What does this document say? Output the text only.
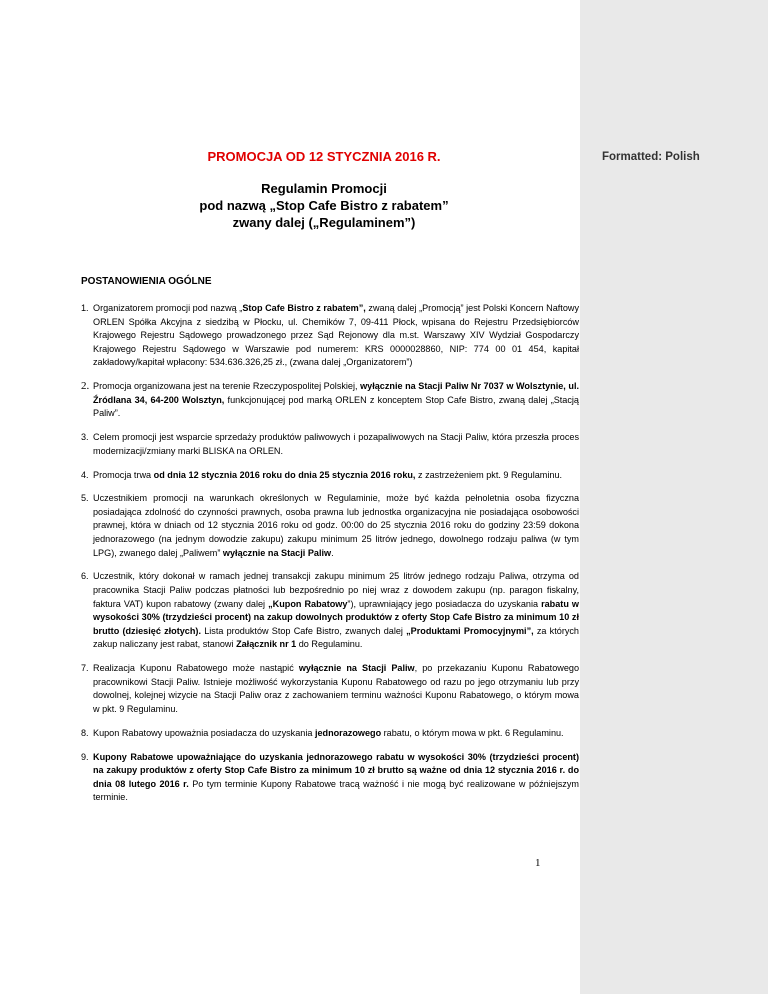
Formatted: Polish
PROMOCJA OD 12 STYCZNIA 2016 R.
Regulamin Promocji
pod nazwą „Stop Cafe Bistro z rabatem”
zwany dalej („Regulaminem”)
POSTANOWIENIA OGÓLNE
1. Organizatorem promocji pod nazwą „Stop Cafe Bistro z rabatem”, zwaną dalej „Promocją” jest Polski Koncern Naftowy ORLEN Spółka Akcyjna z siedzibą w Płocku, ul. Chemików 7, 09-411 Płock, wpisana do Rejestru Przedsiębiorców Krajowego Rejestru Sądowego prowadzonego przez Sąd Rejonowy dla m.st. Warszawy XIV Wydział Gospodarczy Krajowego Rejestru Sądowego w Warszawie pod numerem: KRS 0000028860, NIP: 774 00 01 454, kapitał zakładowy/kapitał wpłacony: 534.636.326,25 zł., (zwana dalej „Organizatorem”)
2. Promocja organizowana jest na terenie Rzeczypospolitej Polskiej, wyłącznie na Stacji Paliw Nr 7037 w Wolsztynie, ul. Źródlana 34, 64-200 Wolsztyn, funkcjonującej pod marką ORLEN z konceptem Stop Cafe Bistro, zwaną dalej „Stacją Paliw”.
3. Celem promocji jest wsparcie sprzedaży produktów paliwowych i pozapaliwowych na Stacji Paliw, która przeszła proces modernizacji/zmiany marki BLISKA na ORLEN.
4. Promocja trwa od dnia 12 stycznia 2016 roku do dnia 25 stycznia 2016 roku, z zastrzeżeniem pkt. 9 Regulaminu.
5. Uczestnikiem promocji na warunkach określonych w Regulaminie, może być każda pełnoletnia osoba fizyczna posiadająca zdolność do czynności prawnych, osoba prawna lub jednostka organizacyjna nie posiadająca osobowości prawnej, która w dniach od 12 stycznia 2016 roku od godz. 00:00 do 25 stycznia 2016 roku do godziny 23:59 dokona jednorazowego (na jednym dowodzie zakupu) zakupu minimum 25 litrów jednego, dowolnego rodzaju paliwa (w tym LPG), zwanego dalej „Paliwem” wyłącznie na Stacji Paliw.
6. Uczestnik, który dokonał w ramach jednej transakcji zakupu minimum 25 litrów jednego rodzaju Paliwa, otrzyma od pracownika Stacji Paliw podczas płatności lub bezpośrednio po niej wraz z dowodem zakupu (np. paragon fiskalny, faktura VAT) kupon rabatowy (zwany dalej „Kupon Rabatowy”), uprawniający jego posiadacza do uzyskania rabatu w wysokości 30% (trzydzieści procent) na zakup dowolnych produktów z oferty Stop Cafe Bistro za minimum 10 zł brutto (dziesięć złotych). Lista produktów Stop Cafe Bistro, zwanych dalej „Produktami Promocyjnymi”, za których zakup naliczany jest rabat, stanowi Załącznik nr 1 do Regulaminu.
7. Realizacja Kuponu Rabatowego może nastąpić wyłącznie na Stacji Paliw, po przekazaniu Kuponu Rabatowego pracownikowi Stacji Paliw. Istnieje możliwość wykorzystania Kuponu Rabatowego od razu po jego otrzymaniu lub przy dowolnej, kolejnej wizycie na Stacji Paliw oraz z zachowaniem terminu ważności Kuponu Rabatowego, o którym mowa w pkt. 9 Regulaminu.
8. Kupon Rabatowy upoważnia posiadacza do uzyskania jednorazowego rabatu, o którym mowa w pkt. 6 Regulaminu.
9. Kupony Rabatowe upoważniające do uzyskania jednorazowego rabatu w wysokości 30% (trzydzieści procent) na zakupy produktów z oferty Stop Cafe Bistro za minimum 10 zł brutto są ważne od dnia 12 stycznia 2016 r. do dnia 08 lutego 2016 r. Po tym terminie Kupony Rabatowe tracą ważność i nie mogą być realizowane w późniejszym terminie.
1
